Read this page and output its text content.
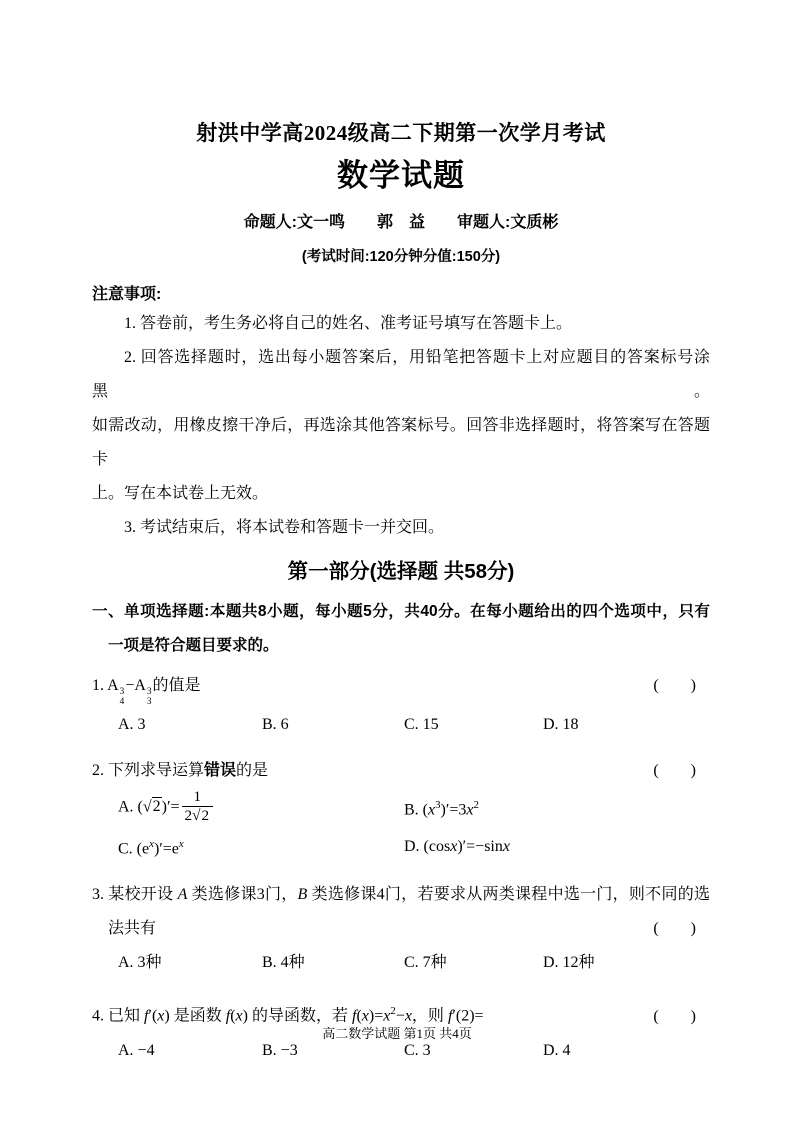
射洪中学高2024级高二下期第一次学月考试
数学试题
命题人:文一鸣　　郭　益　　审题人:文质彬
(考试时间:120分钟分值:150分)
注意事项:
1. 答卷前，考生务必将自己的姓名、准考证号填写在答题卡上。
2. 回答选择题时，选出每小题答案后，用铅笔把答题卡上对应题目的答案标号涂黑。
如需改动，用橡皮擦干净后，再选涂其他答案标号。回答非选择题时，将答案写在答题卡
上。写在本试卷上无效。
3. 考试结束后，将本试卷和答题卡一并交回。
第一部分(选择题 共58分)
一、单项选择题:本题共8小题，每小题5分，共40分。在每小题给出的四个选项中，只有
一项是符合题目要求的。
1. A 3
4
−A 3
3
的值是	(　　)
A. 3	B. 6	C. 15	D. 18
2. 下列求导运算错误的是	(　　)
A. $(√2)'= \frac{1}{2√2}$	B. $(x^3)'=3x^2$
C. $(e^x)'=e^x$	D. (cosx)′=−sinx
3. 某校开设 A 类选修课3门，B 类选修课4门，若要求从两类课程中选一门，则不同的选
法共有	(　　)
A. 3种	B. 4种	C. 7种	D. 12种
4. 已知 f′(x) 是函数 f(x) 的导函数，若 $f(x)=x^2-x$，则 f′(2)=	(　　)
A. −4	B. −3	C. 3	D. 4
高二数学试题 第1页 共4页
